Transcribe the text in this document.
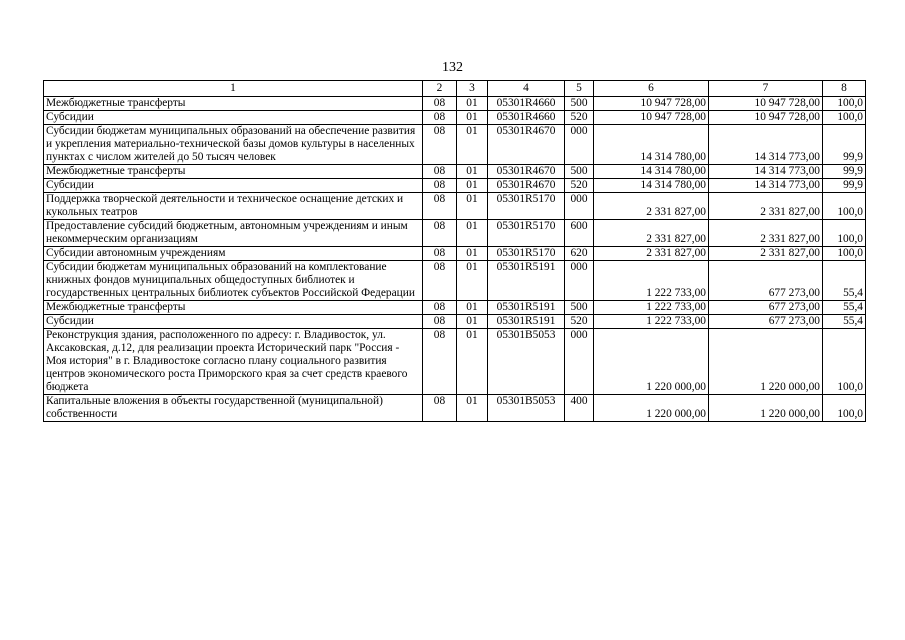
132
1	2	3	4	5	6	7	8
Межбюджетные трансферты	08	01	05301R4660	500	10 947 728,00	10 947 728,00	100,0
Субсидии	08	01	05301R4660	520	10 947 728,00	10 947 728,00	100,0
Субсидии бюджетам муниципальных образований на обеспечение развития и укрепления материально-технической базы домов культуры в населенных пунктах с числом жителей до 50 тысяч человек	08	01	05301R4670	000	14 314 780,00	14 314 773,00	99,9
Межбюджетные трансферты	08	01	05301R4670	500	14 314 780,00	14 314 773,00	99,9
Субсидии	08	01	05301R4670	520	14 314 780,00	14 314 773,00	99,9
Поддержка творческой деятельности и техническое оснащение детских и кукольных театров	08	01	05301R5170	000	2 331 827,00	2 331 827,00	100,0
Предоставление субсидий бюджетным, автономным учреждениям и иным некоммерческим организациям	08	01	05301R5170	600	2 331 827,00	2 331 827,00	100,0
Субсидии автономным учреждениям	08	01	05301R5170	620	2 331 827,00	2 331 827,00	100,0
Субсидии бюджетам муниципальных образований на комплектование книжных фондов муниципальных общедоступных библиотек и государственных центральных библиотек субъектов Российской Федерации	08	01	05301R5191	000	1 222 733,00	677 273,00	55,4
Межбюджетные трансферты	08	01	05301R5191	500	1 222 733,00	677 273,00	55,4
Субсидии	08	01	05301R5191	520	1 222 733,00	677 273,00	55,4
Реконструкция здания, расположенного по адресу: г. Владивосток, ул. Аксаковская, д.12, для реализации проекта Исторический парк "Россия - Моя история" в г. Владивостоке согласно плану социального развития центров экономического роста Приморского края за счет средств краевого бюджета	08	01	05301B5053	000	1 220 000,00	1 220 000,00	100,0
Капитальные вложения в объекты государственной (муниципальной) собственности	08	01	05301B5053	400	1 220 000,00	1 220 000,00	100,0
